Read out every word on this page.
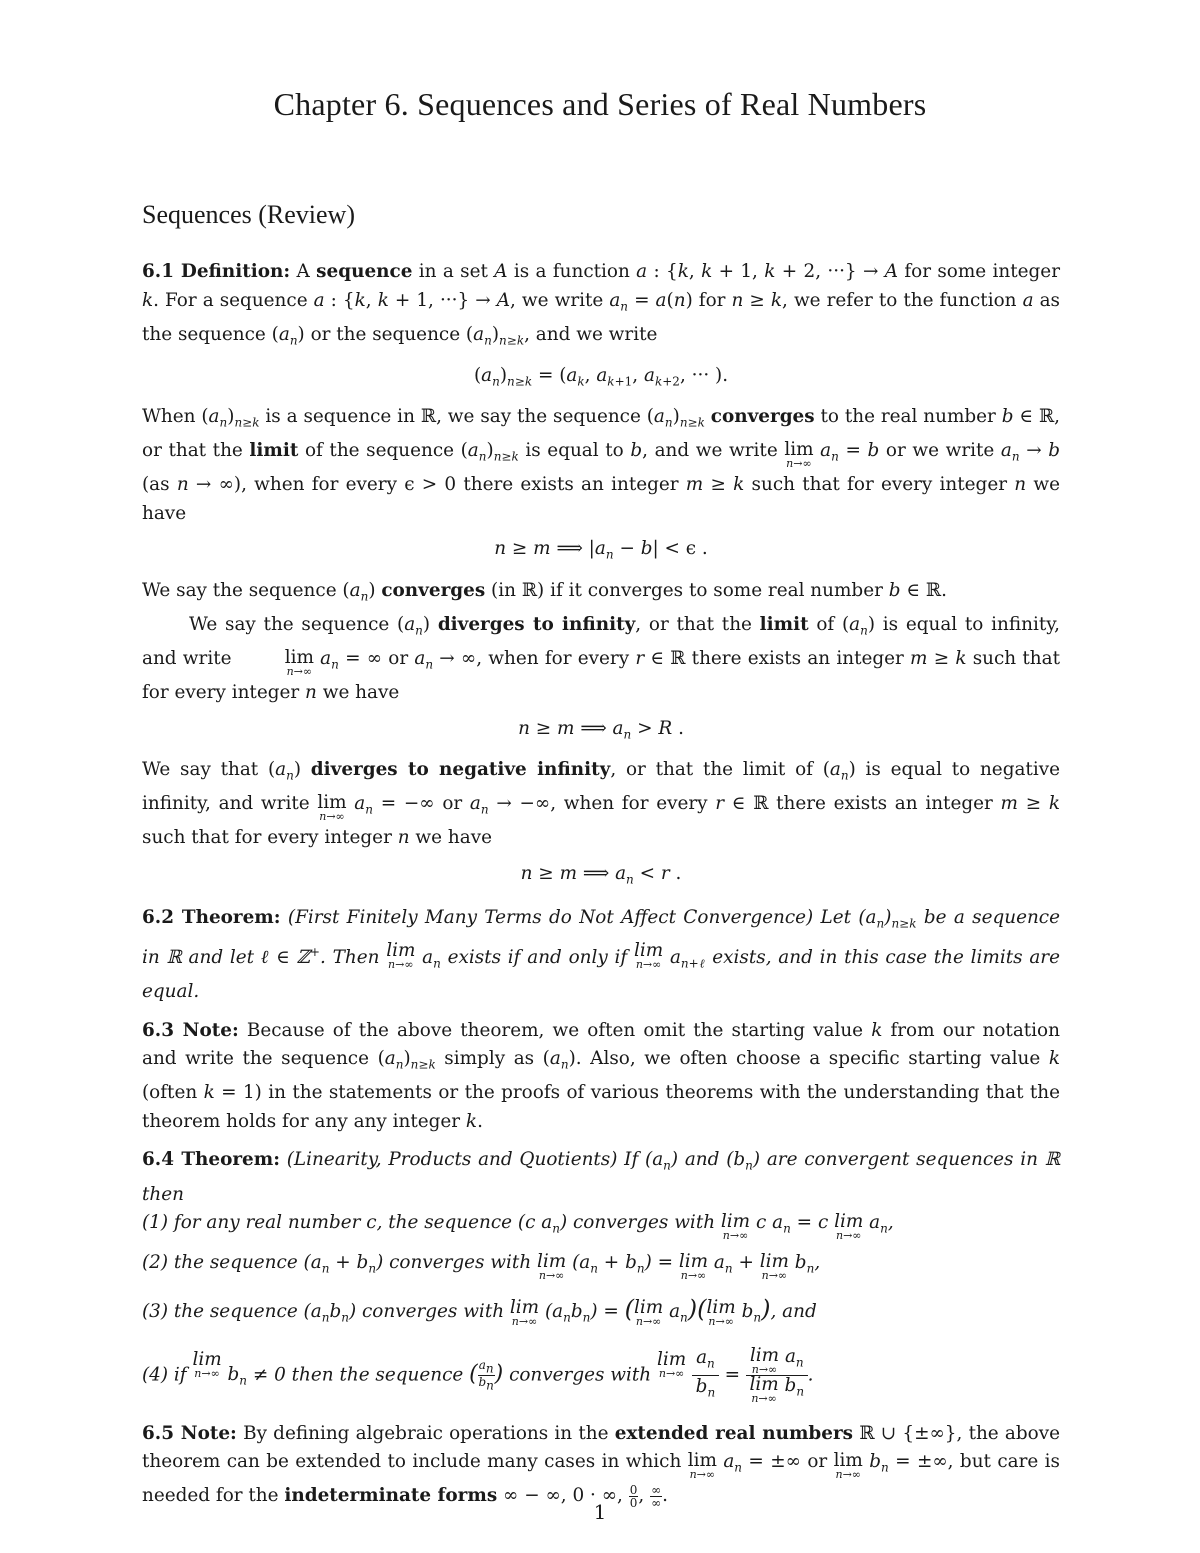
Chapter 6. Sequences and Series of Real Numbers
Sequences (Review)

6.1 Definition: A sequence in a set A is a function a : {k, k + 1, k + 2, ···} → A for some integer k. For a sequence a : {k, k + 1, ···} → A, we write $a_n = a(n)$ for n ≥ k, we refer to the function a as the sequence $(a_n)$ or the sequence $(a_n)_{n\ge k}$, and we write

$(a_n)_{n\ge k} = (a_k$, $a_{k+1}$, $a_{k+2}$, ··· ).

When $(a_n)_{n\ge k}$ is a sequence in ℝ, we say the sequence $(a_n)_{n\ge k}$ converges to the real number b ∈ ℝ, or that the limit of the sequence $(a_n)_{n\ge k}$ is equal to b, and we write lim
n→∞
$a_n = b$ or we write $a_n \to b$ (as n → ∞), when for every ϵ > 0 there exists an integer m ≥ k such that for every integer n we have

n ≥ m ⟹ $|a_n - b| < \epsilon$ .

We say the sequence $(a_n)$ converges (in ℝ) if it converges to some real number b ∈ ℝ.

We say the sequence $(a_n)$ diverges to infinity, or that the limit of $(a_n)$ is equal to infinity, and write	lim
n→∞
$a_n$ = ∞ or $a_n$ → ∞, when for every r ∈ ℝ there exists an integer m ≥ k such that for every integer n we have

n ≥ m ⟹ $a_n > R$ .

We say that $(a_n)$ diverges to negative infinity, or that the limit of $(a_n)$ is equal to negative infinity, and write lim
n→∞
$a_n$ = −∞ or $a_n$ → −∞, when for every r ∈ ℝ there exists an integer m ≥ k such that for every integer n we have

n ≥ m ⟹ $a_n < r$ .

6.2 Theorem: (First Finitely Many Terms do Not Affect Convergence) Let $(a_n)_{n\ge k}$ be a sequence in ℝ and let ℓ ∈ ℤ+. Then lim
n→∞ $a_n$ exists if and only if lim
n→∞ $a_{n+\ell}$ exists, and in this case the limits are equal.

6.3 Note: Because of the above theorem, we often omit the starting value k from our notation and write the sequence $(a_n)_{n\ge k}$ simply as $(a_n)$. Also, we often choose a specific starting value k (often k = 1) in the statements or the proofs of various theorems with the understanding that the theorem holds for any any integer k.

6.4 Theorem: (Linearity, Products and Quotients) If $(a_n)$ and $(b_n)$ are convergent sequences in ℝ then

(1) for any real number c, the sequence (c $a_n$) converges with lim
n→∞
c $a_n = c$ lim
n→∞
$a_n$,

(2) the sequence $(a_n + b_n)$ converges with lim
n→∞
$(a_n + b_n) = \lim$
n→∞
$a_n + \lim$
n→∞
$b_n$,

(3) the sequence $(a_nb_n)$ converges with lim
n→∞ $(a_nb_n) = (\lim$
n→∞ $a_n)(\lim$
n→∞ $b_n$), and

(4) if lim
n→∞ $b_n \ne 0$ then the sequence ( $\frac{a_n}{b_n}$ ) converges with lim
n→∞
$\frac{a_n}{b_n} = \lim$
n→∞
$a_n$
lim
n→∞
$b_n$ .

6.5 Note: By defining algebraic operations in the extended real numbers ℝ ∪ {±∞}, the above theorem can be extended to include many cases in which lim
n→∞
$a_n$ = ±∞ or lim
n→∞
$b_n$ = ±∞, but care is needed for the indeterminate forms ∞ − ∞, 0 · ∞, $\frac{0}{0}$ , $\frac{\infty}{\infty}$ .

1
